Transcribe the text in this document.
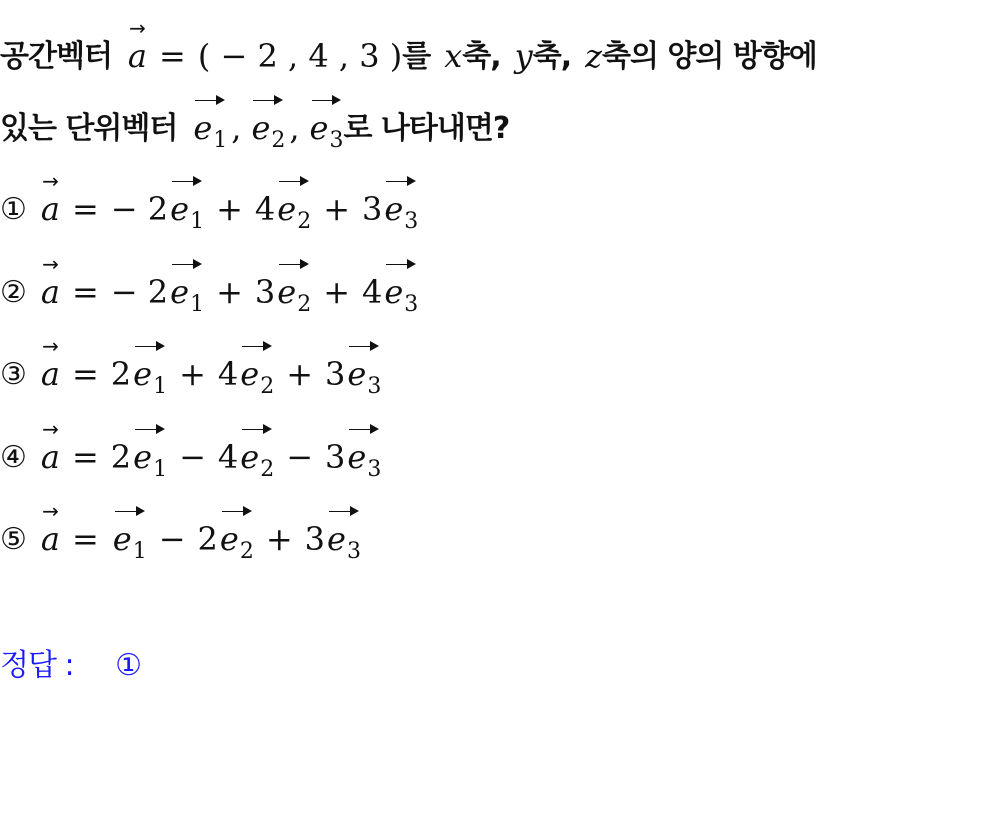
공간벡터
→
a = ( − 2 , 4 , 3 ) 를 x 축, y 축, z 축의 양의 방향에
있는 단위벡터 $e_1$ , $e_2$ , $e_3$ 로 나타내면?
①
→
a = − 2 $e_1 + 4$ $e_2 + 3$ $e_3$
②
→
a = − 2 $e_1 + 3$ $e_2 + 4$ $e_3$
③
→
a = 2 $e_1 + 4$ $e_2 + 3$ $e_3$
④
→
a = 2 $e_1 - 4$ $e_2 - 3$ $e_3$
⑤
→
$a = e_1 - 2$ $e_2 + 3$ $e_3$
정답 : ①
